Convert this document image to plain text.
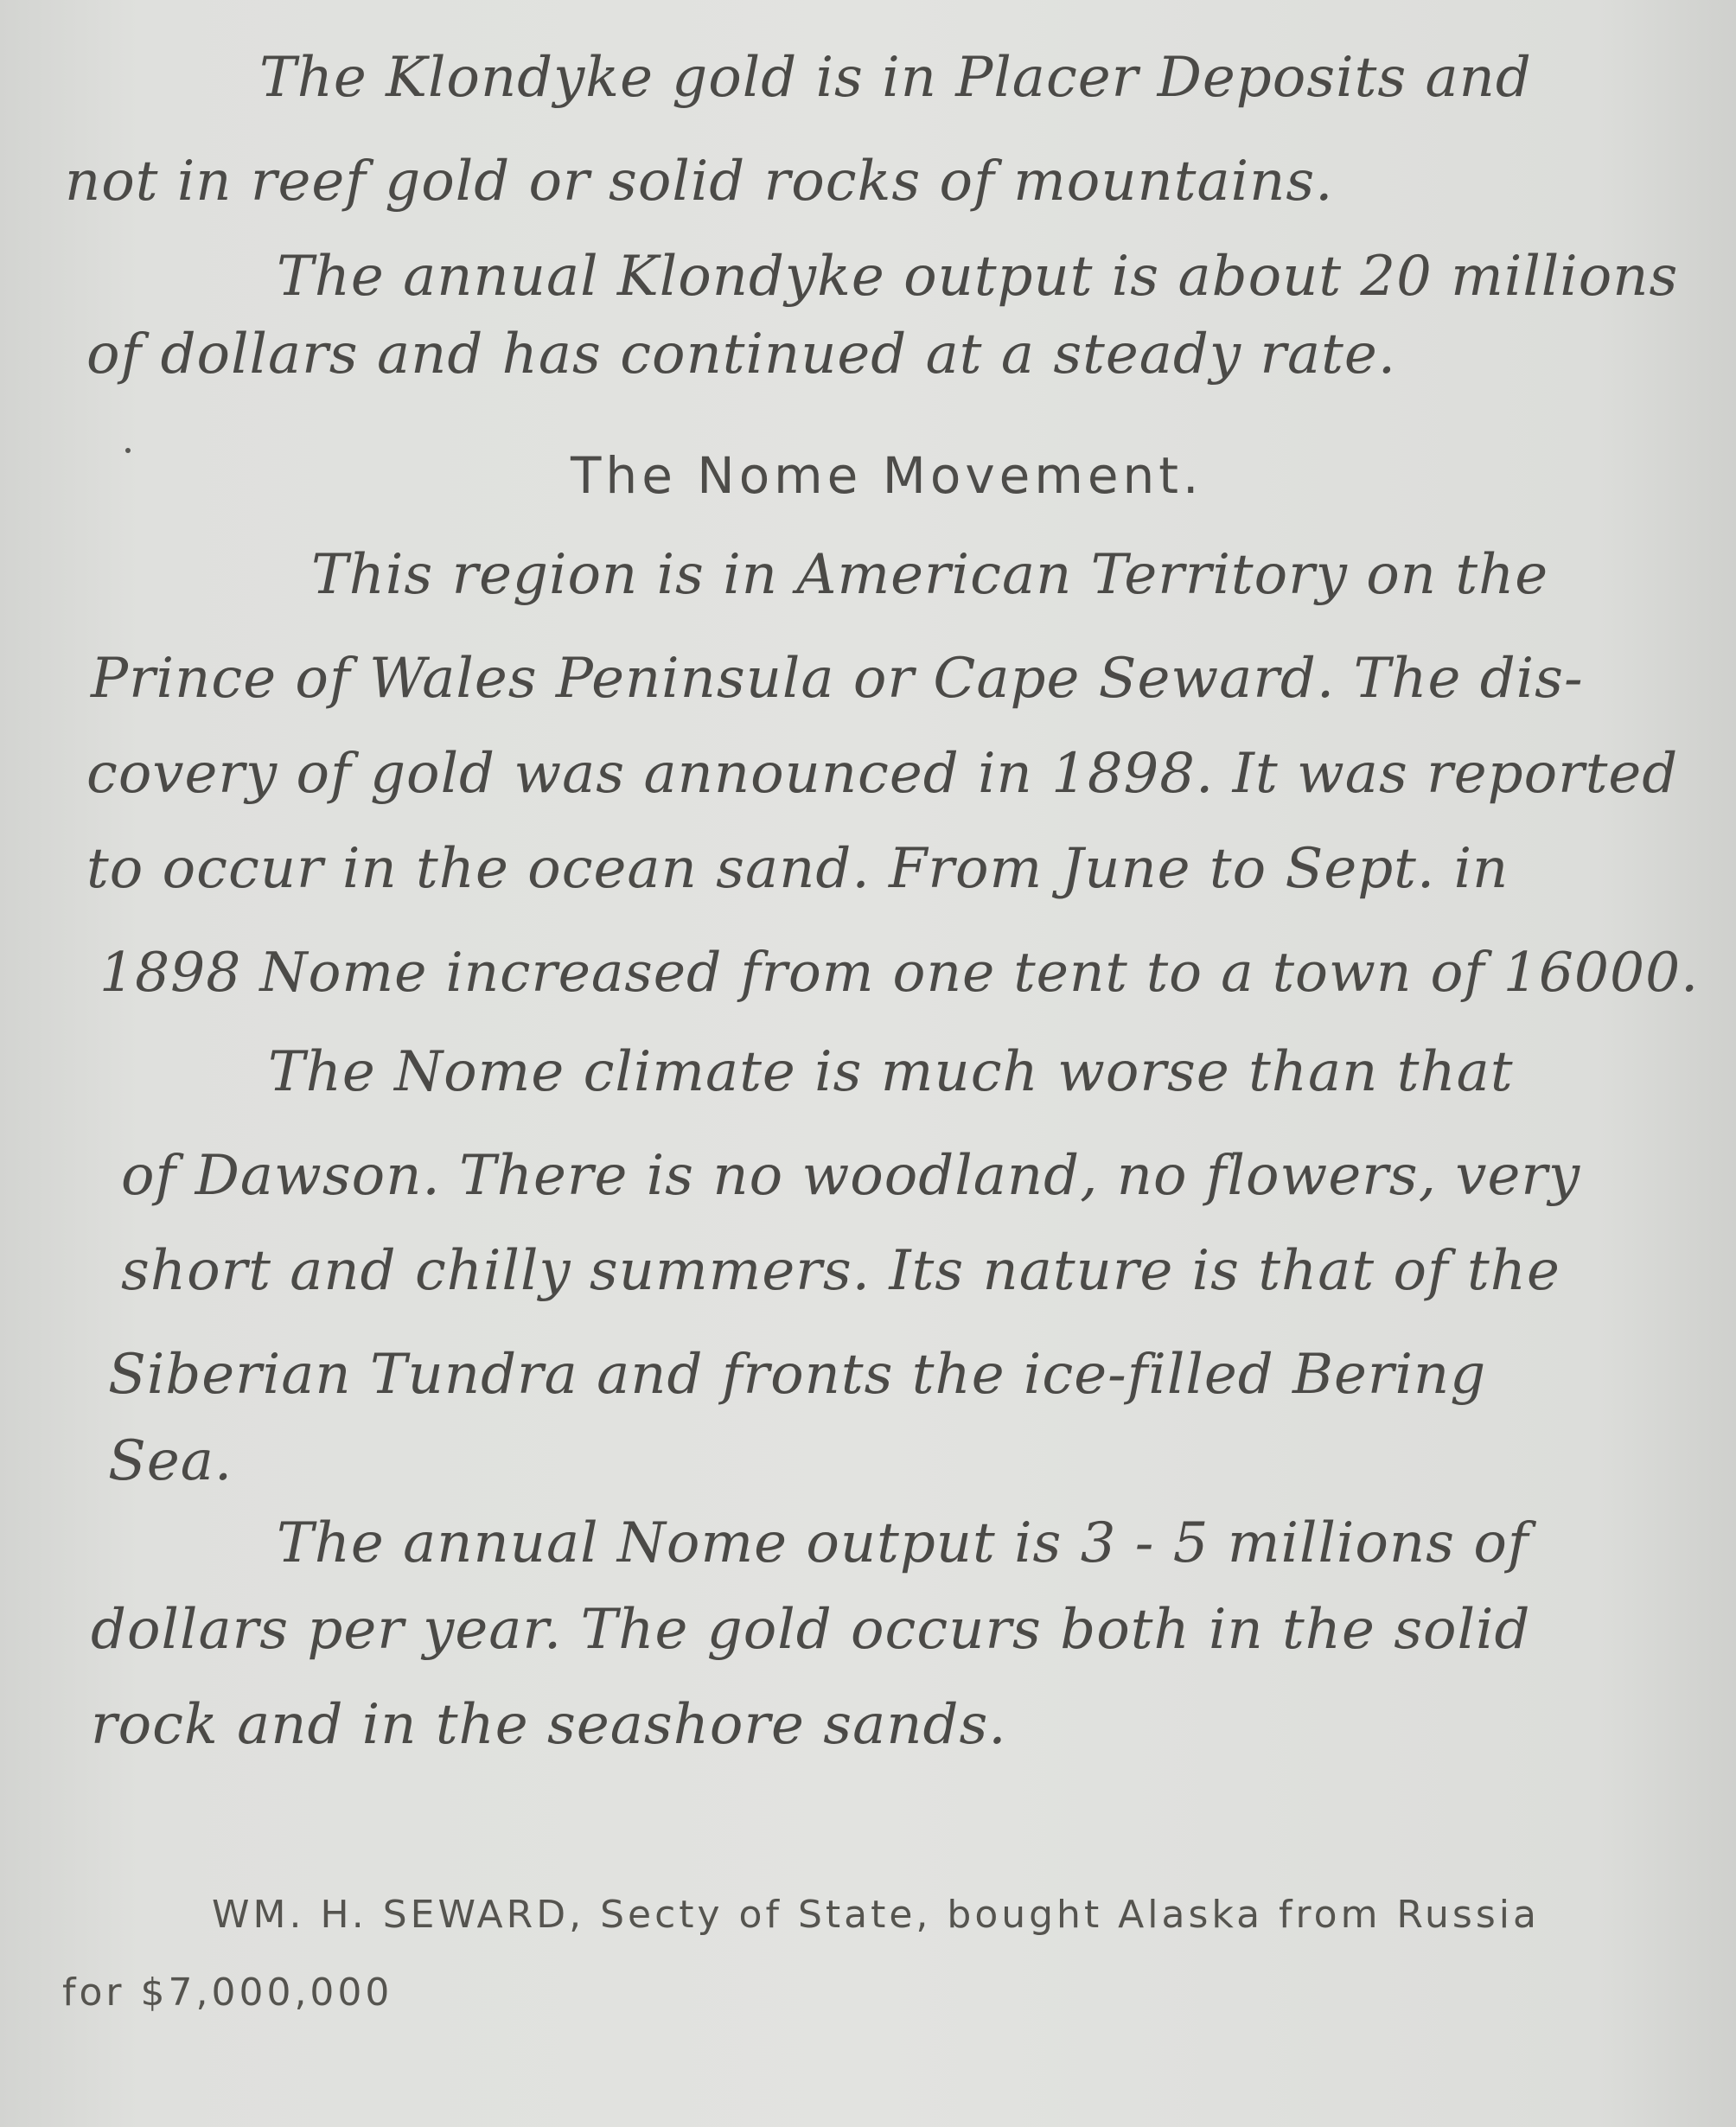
The Klondyke gold is in Placer Deposits and
not in reef gold or solid rocks of mountains.
The annual Klondyke output is about 20 millions
of dollars and has continued at a steady rate.
The Nome Movement.
This region is in American Territory on the
Prince of Wales Peninsula or Cape Seward. The dis-
covery of gold was announced in 1898. It was reported
to occur in the ocean sand. From June to Sept. in
1898 Nome increased from one tent to a town of 16000.
The Nome climate is much worse than that
of Dawson. There is no woodland, no flowers, very
short and chilly summers. Its nature is that of the
Siberian Tundra and fronts the ice-filled Bering
Sea.
The annual Nome output is 3 - 5 millions of
dollars per year. The gold occurs both in the solid
rock and in the seashore sands.
WM. H. SEWARD, Secty of State, bought Alaska from Russia
for $7,000,000
